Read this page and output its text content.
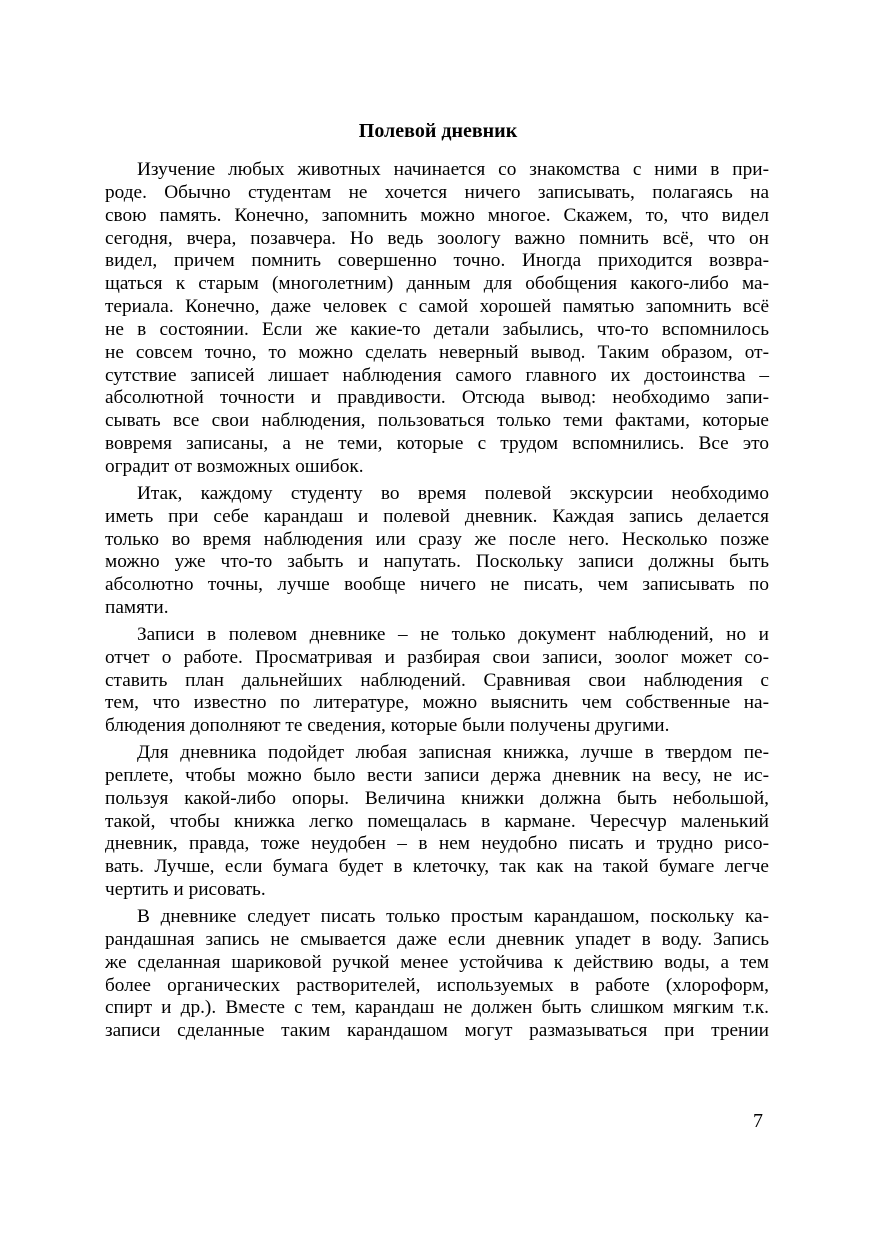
Полевой дневник
Изучение любых животных начинается со знакомства с ними в при-
роде. Обычно студентам не хочется ничего записывать, полагаясь на
свою память. Конечно, запомнить можно многое. Скажем, то, что видел
сегодня, вчера, позавчера. Но ведь зоологу важно помнить всё, что он
видел, причем помнить совершенно точно. Иногда приходится возвра-
щаться к старым (многолетним) данным для обобщения какого-либо ма-
териала. Конечно, даже человек с самой хорошей памятью запомнить всё
не в состоянии. Если же какие-то детали забылись, что-то вспомнилось
не совсем точно, то можно сделать неверный вывод. Таким образом, от-
сутствие записей лишает наблюдения самого главного их достоинства –
абсолютной точности и правдивости. Отсюда вывод: необходимо запи-
сывать все свои наблюдения, пользоваться только теми фактами, которые
вовремя записаны, а не теми, которые с трудом вспомнились. Все это
оградит от возможных ошибок.
Итак, каждому студенту во время полевой экскурсии необходимо
иметь при себе карандаш и полевой дневник. Каждая запись делается
только во время наблюдения или сразу же после него. Несколько позже
можно уже что-то забыть и напутать. Поскольку записи должны быть
абсолютно точны, лучше вообще ничего не писать, чем записывать по
памяти.
Записи в полевом дневнике – не только документ наблюдений, но и
отчет о работе. Просматривая и разбирая свои записи, зоолог может со-
ставить план дальнейших наблюдений. Сравнивая свои наблюдения с
тем, что известно по литературе, можно выяснить чем собственные на-
блюдения дополняют те сведения, которые были получены другими.
Для дневника подойдет любая записная книжка, лучше в твердом пе-
реплете, чтобы можно было вести записи держа дневник на весу, не ис-
пользуя какой-либо опоры. Величина книжки должна быть небольшой,
такой, чтобы книжка легко помещалась в кармане. Чересчур маленький
дневник, правда, тоже неудобен – в нем неудобно писать и трудно рисо-
вать. Лучше, если бумага будет в клеточку, так как на такой бумаге легче
чертить и рисовать.
В дневнике следует писать только простым карандашом, поскольку ка-
рандашная запись не смывается даже если дневник упадет в воду. Запись
же сделанная шариковой ручкой менее устойчива к действию воды, а тем
более органических растворителей, используемых в работе (хлороформ,
спирт и др.). Вместе с тем, карандаш не должен быть слишком мягким т.к.
записи сделанные таким карандашом могут размазываться при трении
7
